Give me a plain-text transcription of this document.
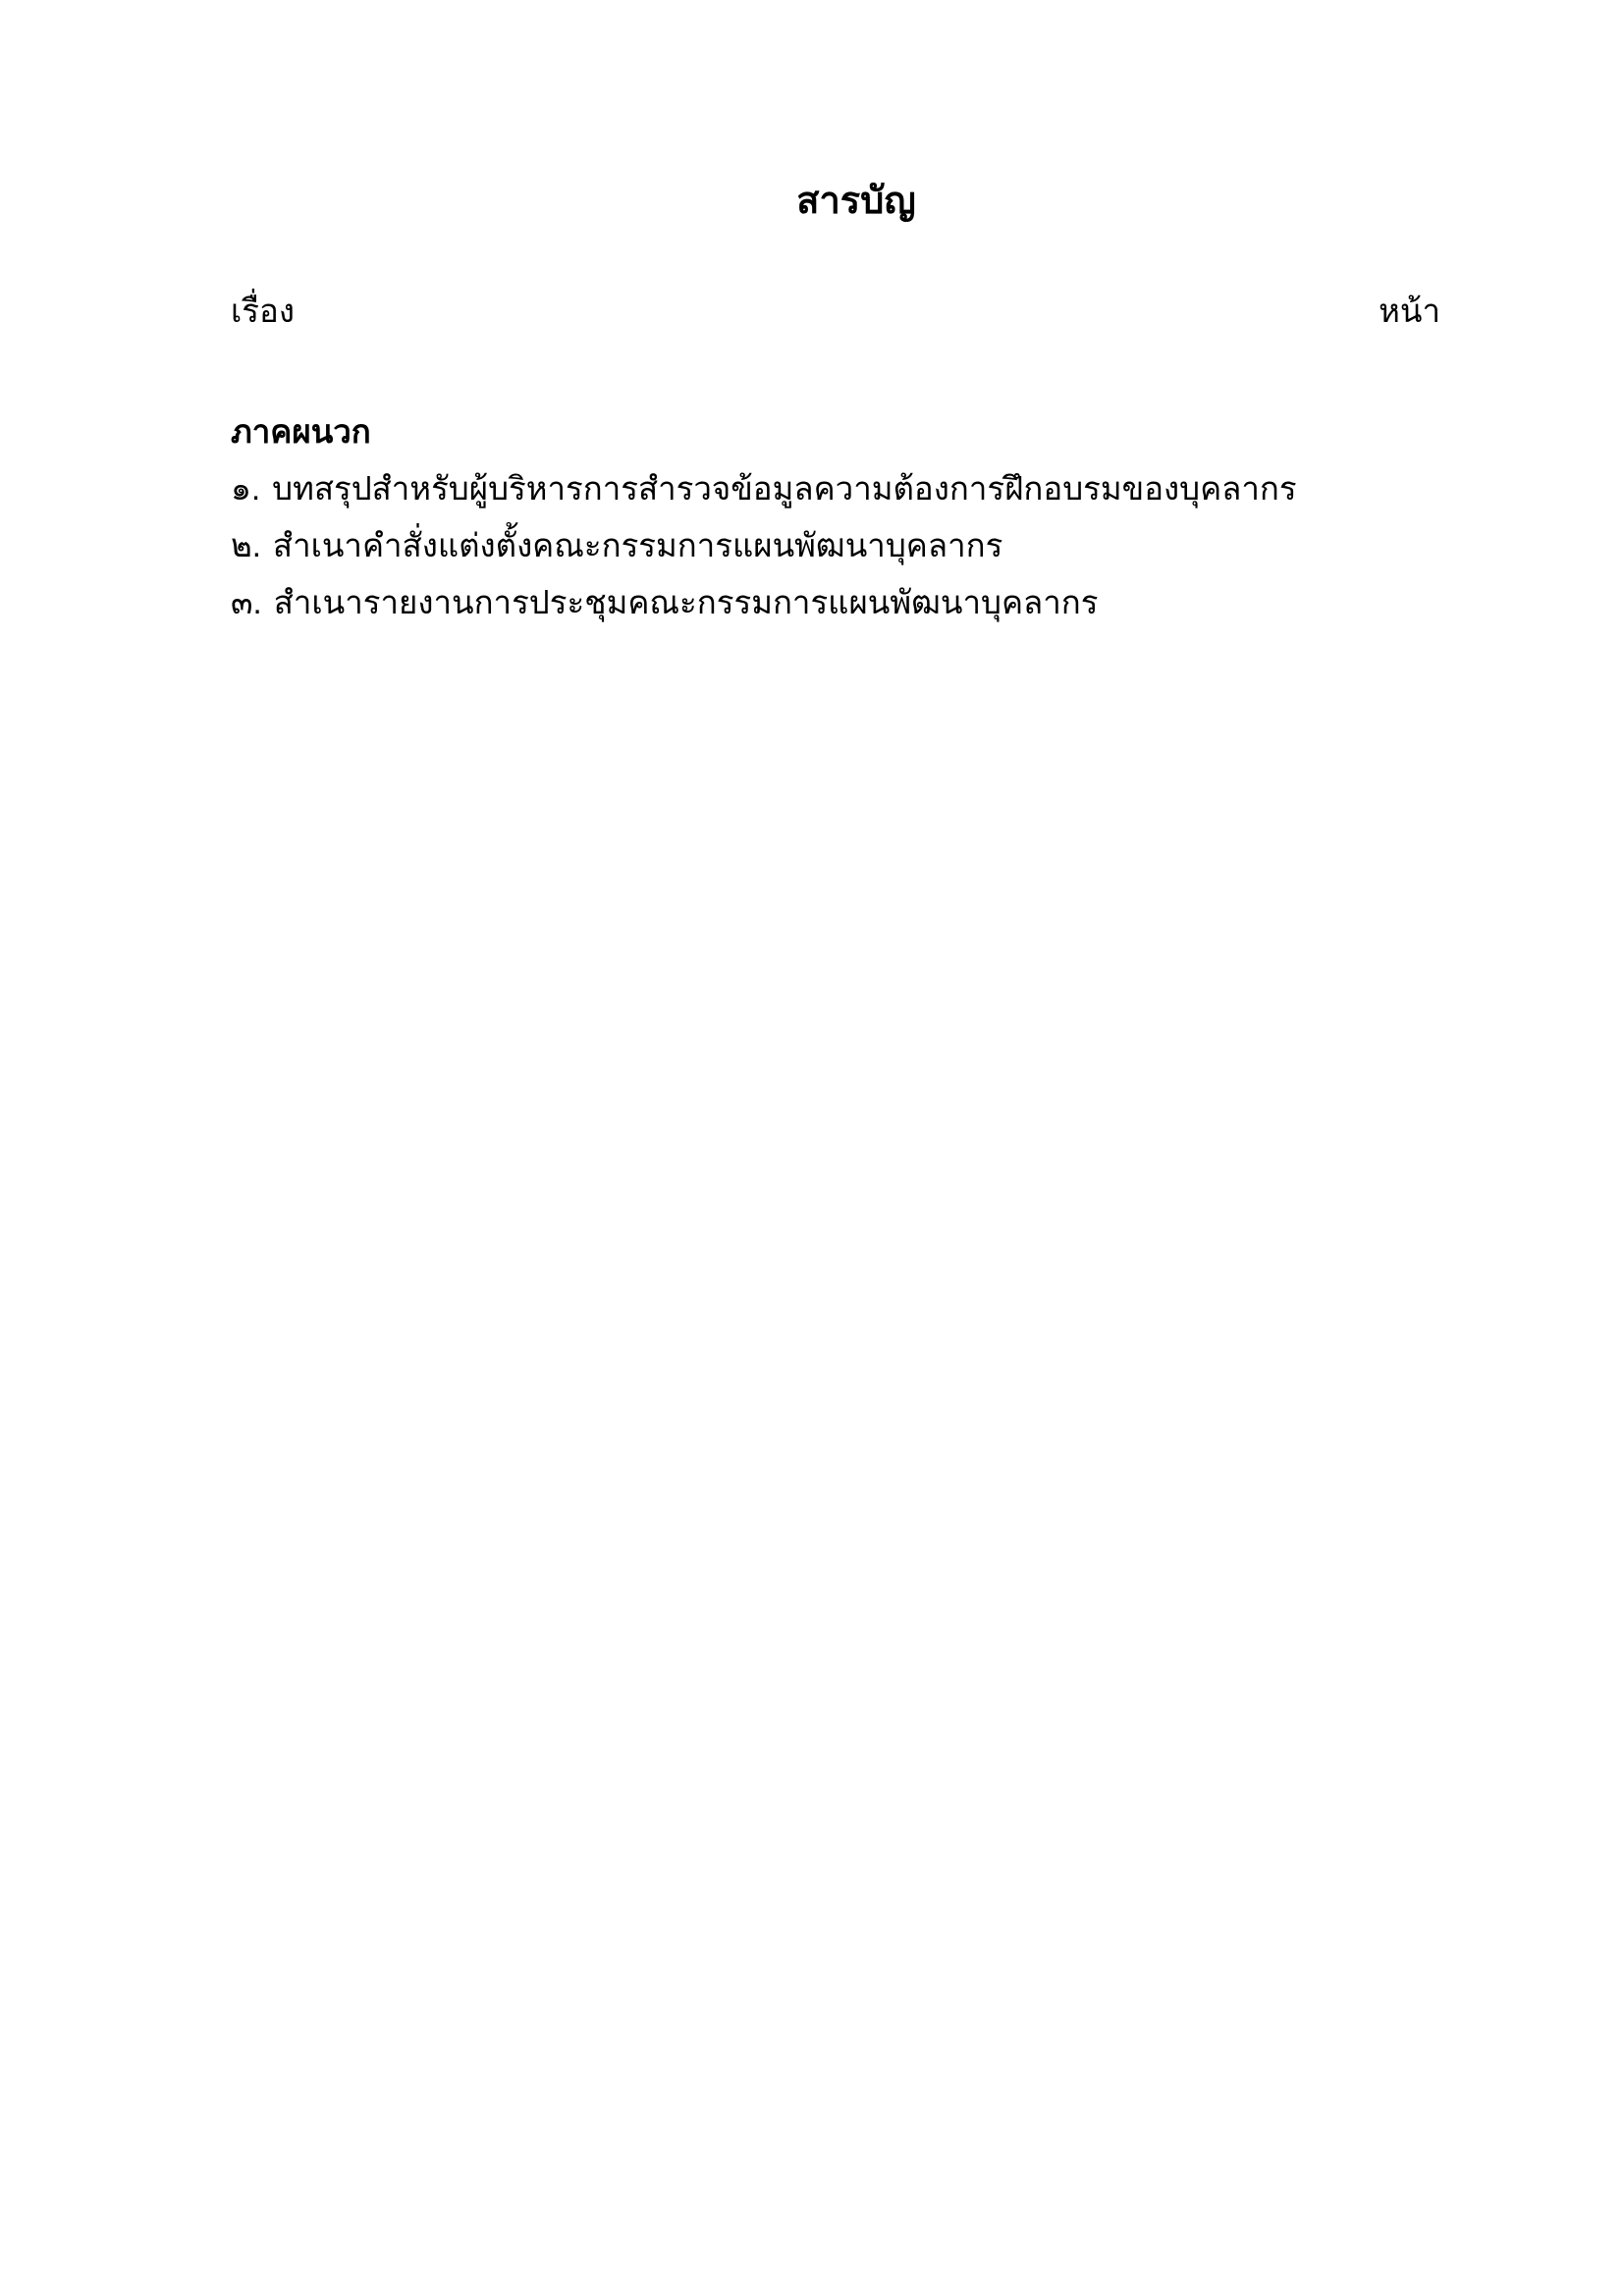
สารบัญ
เรื่อง	หน้า
ภาคผนวก
๑. บทสรุปสำหรับผู้บริหารการสำรวจข้อมูลความต้องการฝึกอบรมของบุคลากร
๒. สำเนาคำสั่งแต่งตั้งคณะกรรมการแผนพัฒนาบุคลากร
๓. สำเนารายงานการประชุมคณะกรรมการแผนพัฒนาบุคลากร
